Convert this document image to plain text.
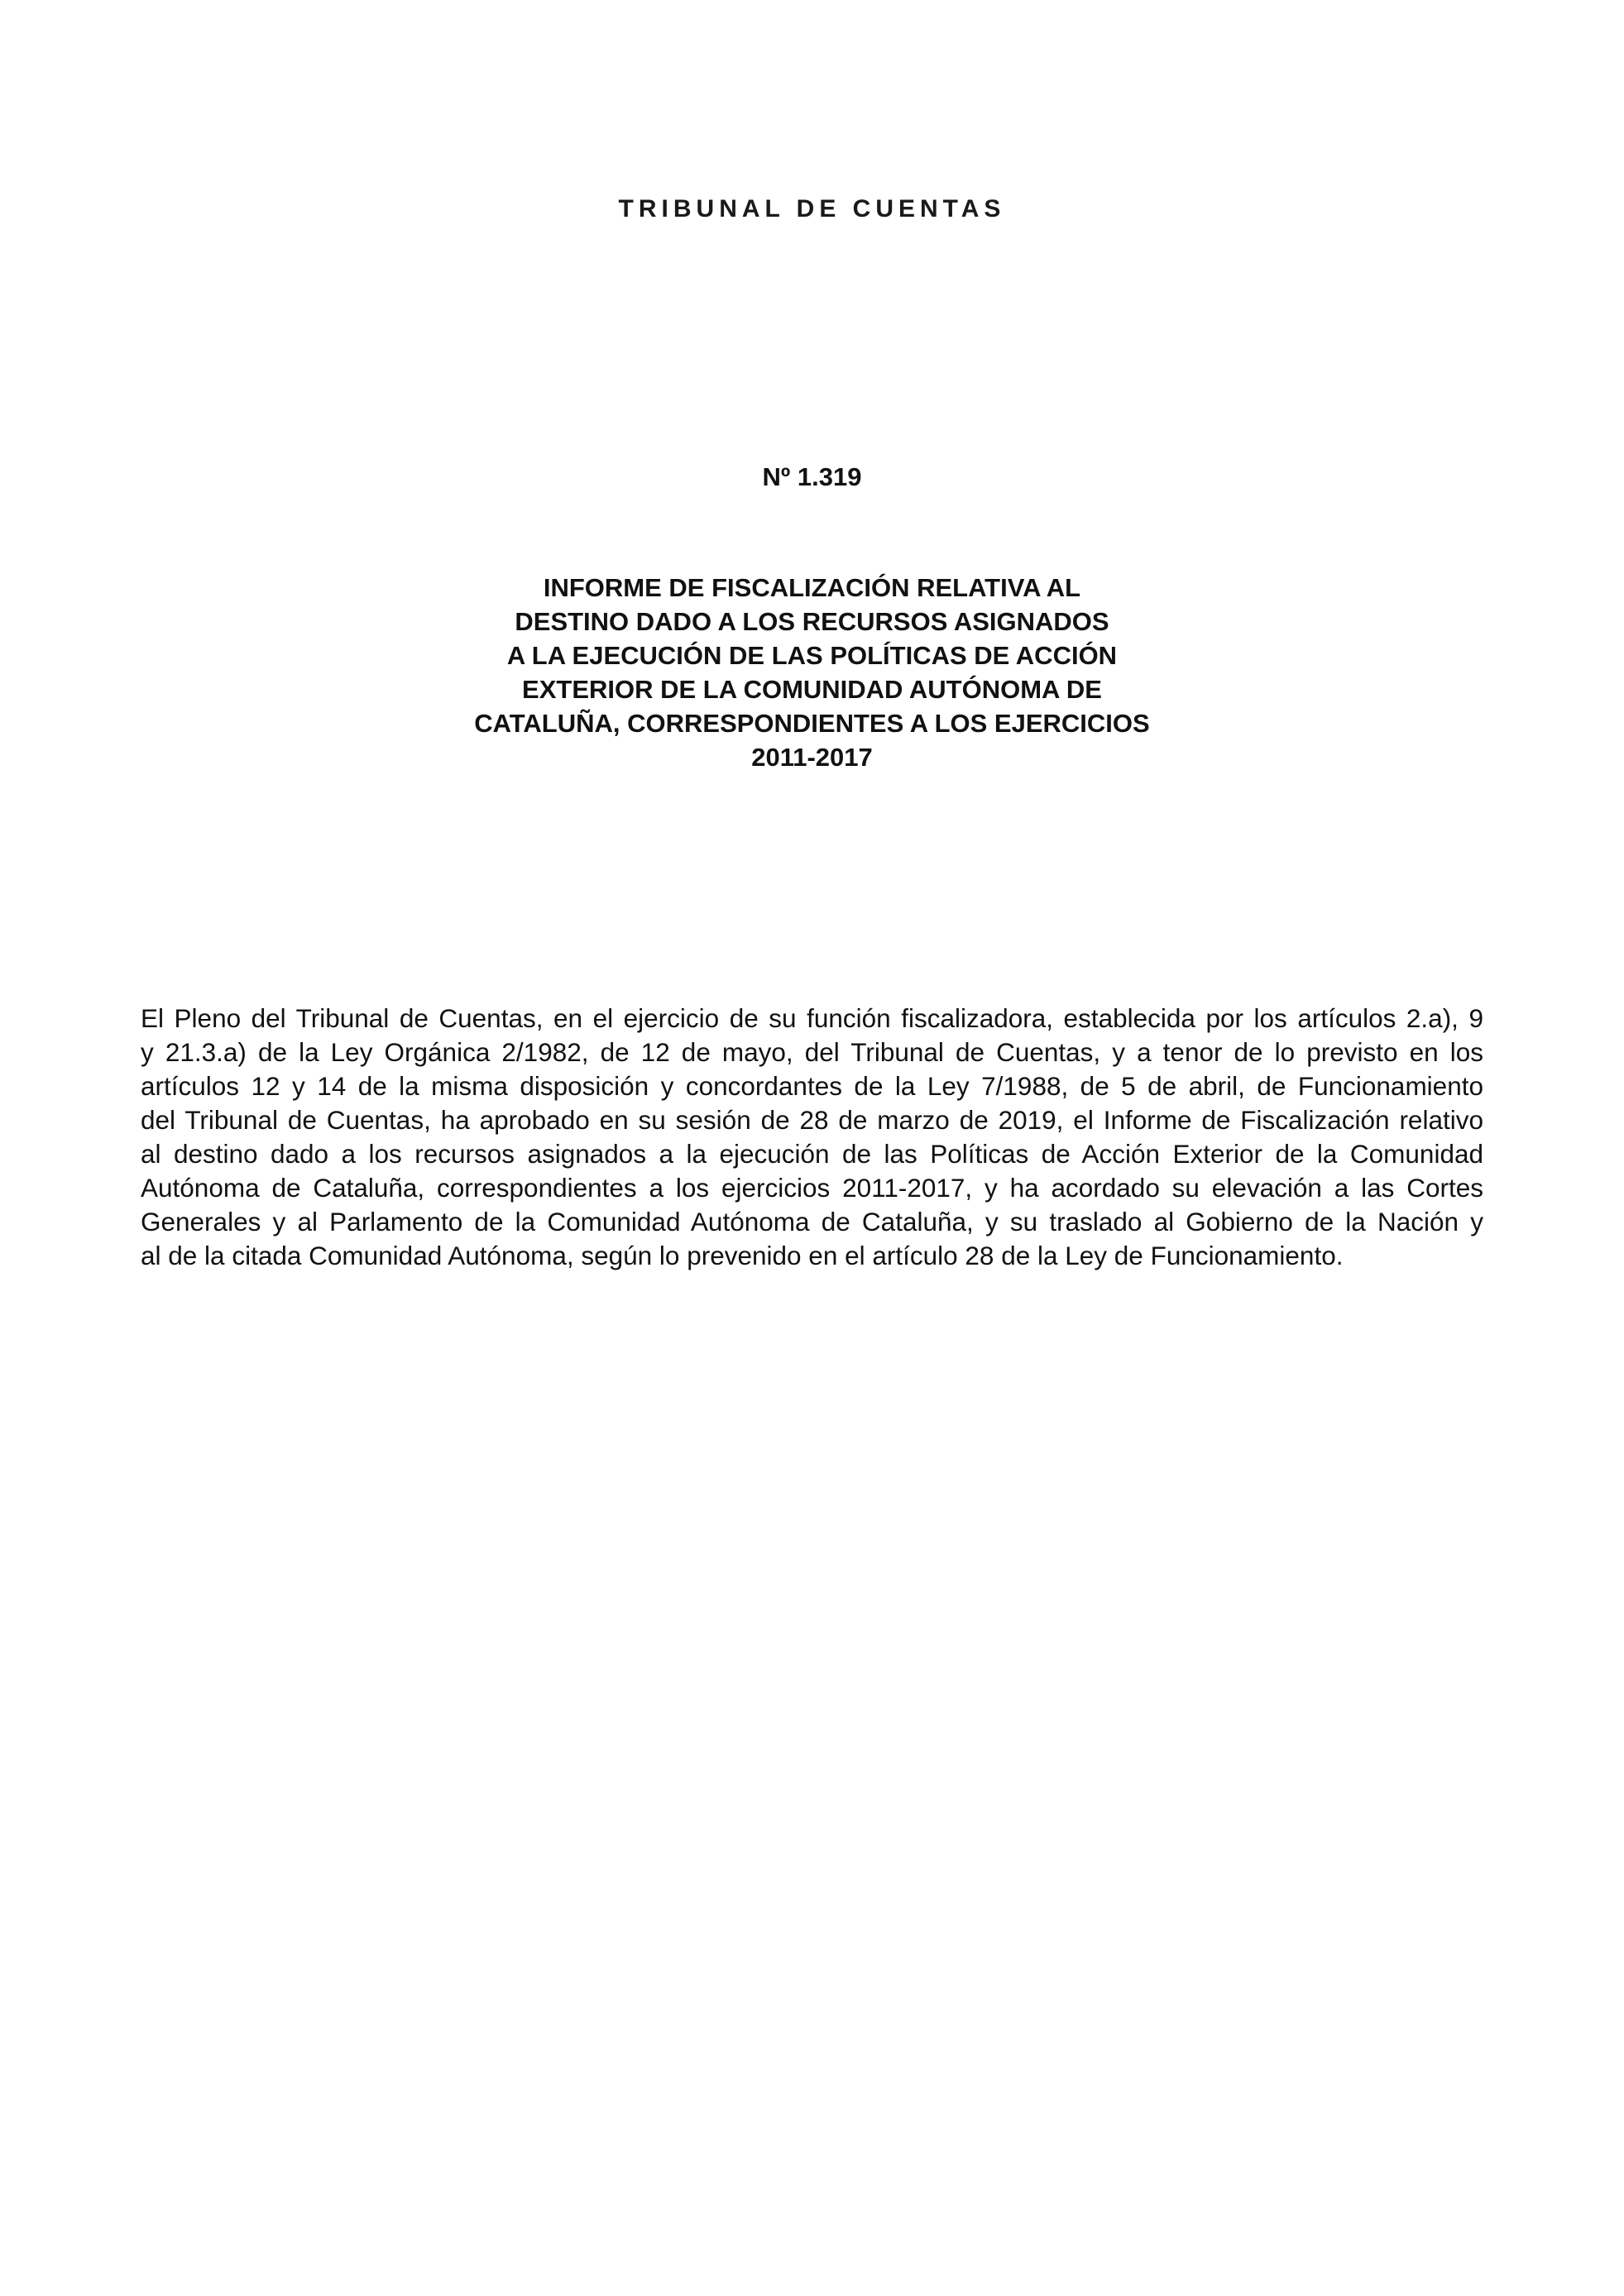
TRIBUNAL DE CUENTAS
Nº 1.319
INFORME DE FISCALIZACIÓN RELATIVA AL
DESTINO DADO A LOS RECURSOS ASIGNADOS
A LA EJECUCIÓN DE LAS POLÍTICAS DE ACCIÓN
EXTERIOR DE LA COMUNIDAD AUTÓNOMA DE
CATALUÑA, CORRESPONDIENTES A LOS EJERCICIOS
2011-2017
El Pleno del Tribunal de Cuentas, en el ejercicio de su función fiscalizadora, establecida por los artículos 2.a), 9
y 21.3.a) de la Ley Orgánica 2/1982, de 12 de mayo, del Tribunal de Cuentas, y a tenor de lo previsto en los
artículos 12 y 14 de la misma disposición y concordantes de la Ley 7/1988, de 5 de abril, de Funcionamiento
del Tribunal de Cuentas, ha aprobado en su sesión de 28 de marzo de 2019, el Informe de Fiscalización relativo
al destino dado a los recursos asignados a la ejecución de las Políticas de Acción Exterior de la Comunidad
Autónoma de Cataluña, correspondientes a los ejercicios 2011-2017, y ha acordado su elevación a las Cortes
Generales y al Parlamento de la Comunidad Autónoma de Cataluña, y su traslado al Gobierno de la Nación y
al de la citada Comunidad Autónoma, según lo prevenido en el artículo 28 de la Ley de Funcionamiento.
